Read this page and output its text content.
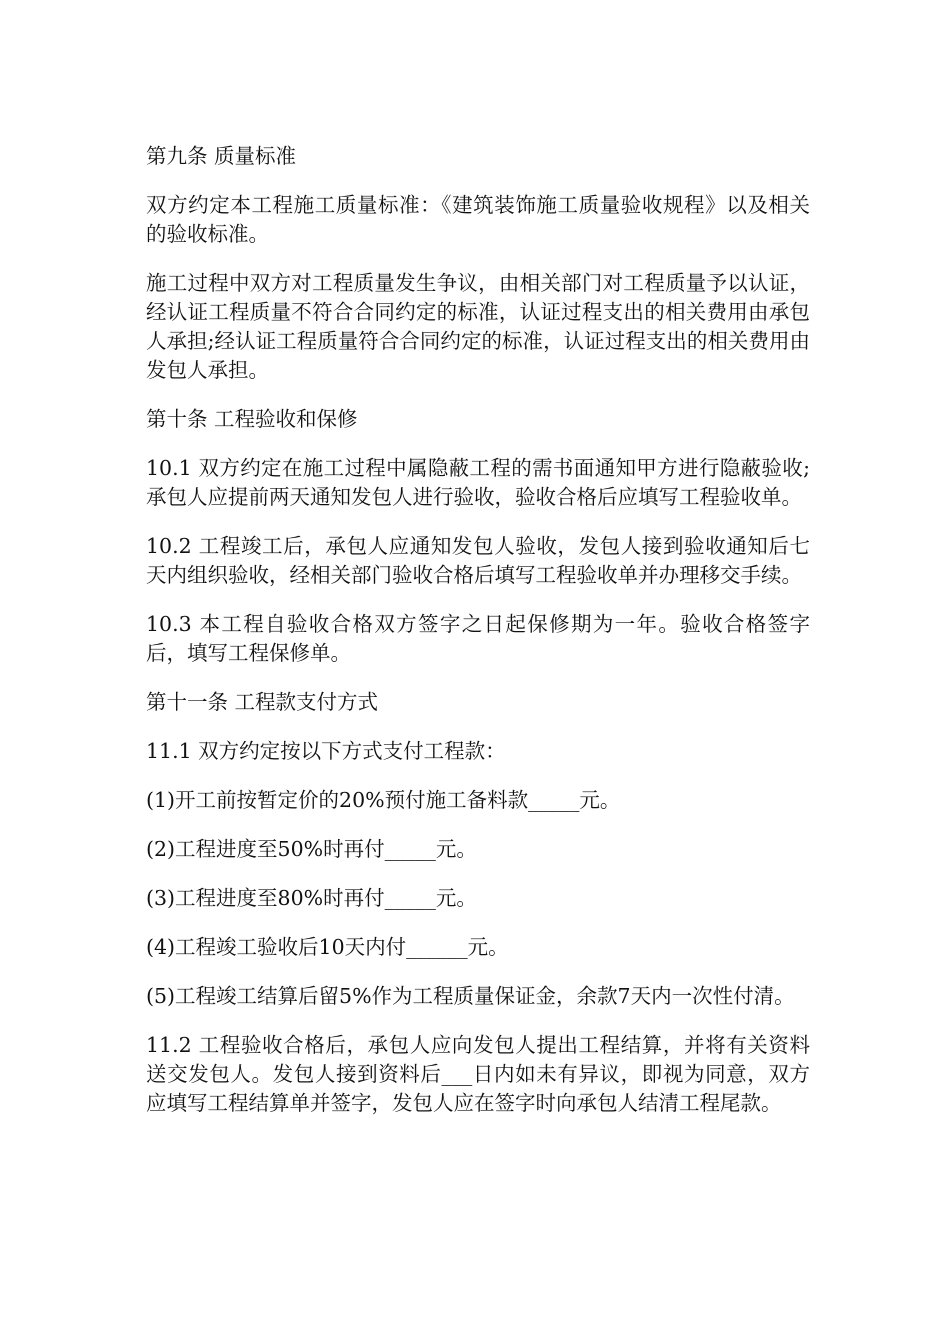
第九条 质量标准

双方约定本工程施工质量标准：《建筑装饰施工质量验收规程》以及相关的验收标准。

施工过程中双方对工程质量发生争议，由相关部门对工程质量予以认证，经认证工程质量不符合合同约定的标准，认证过程支出的相关费用由承包人承担;经认证工程质量符合合同约定的标准，认证过程支出的相关费用由发包人承担。

第十条 工程验收和保修

10.1 双方约定在施工过程中属隐蔽工程的需书面通知甲方进行隐蔽验收;承包人应提前两天通知发包人进行验收，验收合格后应填写工程验收单。

10.2 工程竣工后，承包人应通知发包人验收，发包人接到验收通知后七天内组织验收，经相关部门验收合格后填写工程验收单并办理移交手续。

10.3 本工程自验收合格双方签字之日起保修期为一年。验收合格签字后，填写工程保修单。

第十一条 工程款支付方式

11.1 双方约定按以下方式支付工程款：

(1)开工前按暂定价的20%预付施工备料款_____元。

(2)工程进度至50%时再付_____元。

(3)工程进度至80%时再付_____元。

(4)工程竣工验收后10天内付______元。

(5)工程竣工结算后留5%作为工程质量保证金，余款7天内一次性付清。

11.2 工程验收合格后，承包人应向发包人提出工程结算，并将有关资料送交发包人。发包人接到资料后___日内如未有异议，即视为同意，双方应填写工程结算单并签字，发包人应在签字时向承包人结清工程尾款。
